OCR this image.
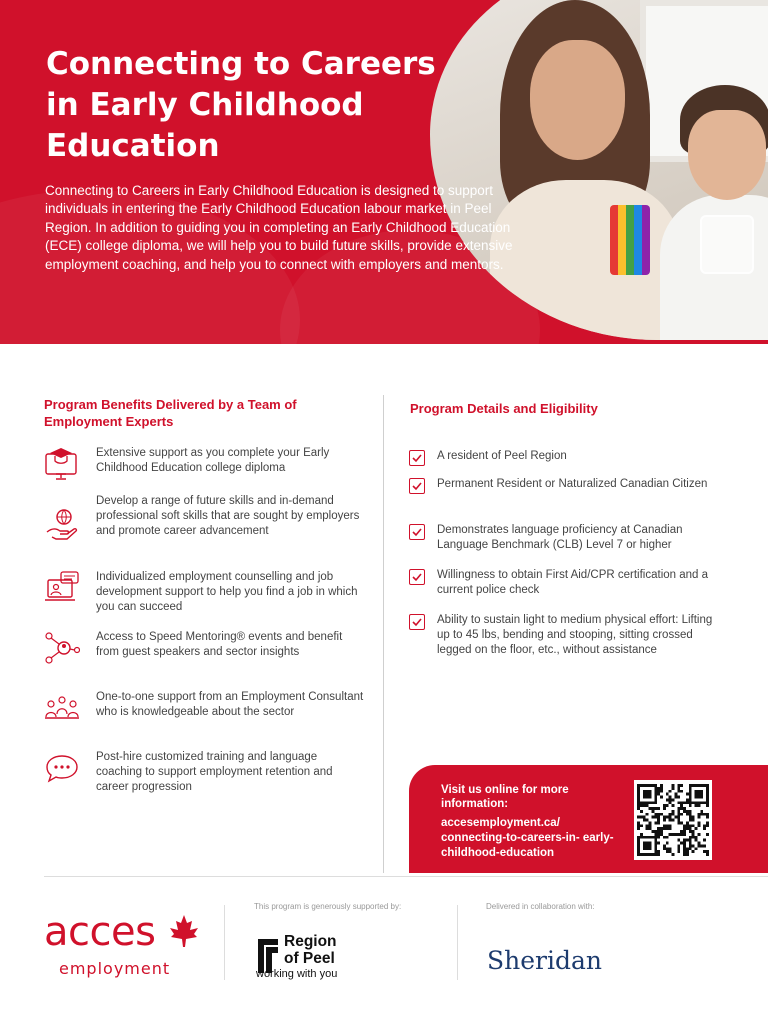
Connecting to Careers in Early Childhood Education

Connecting to Careers in Early Childhood Education is designed to support individuals in entering the Early Childhood Education labour market in Peel Region. In addition to guiding you in completing an Early Childhood Education (ECE) college diploma, we will help you to build future skills, provide extensive employment coaching, and help you to connect with employers and mentors.

Program Benefits Delivered by a Team of Employment Experts
Extensive support as you complete your Early Childhood Education college diploma
Develop a range of future skills and in-demand professional soft skills that are sought by employers and promote career advancement
Individualized employment counselling and job development support to help you find a job in which you can succeed
Access to Speed Mentoring® events and benefit from guest speakers and sector insights
One-to-one support from an Employment Consultant who is knowledgeable about the sector
Post-hire customized training and language coaching to support employment retention and career progression
Program Details and Eligibility
A resident of Peel Region
Permanent Resident or Naturalized Canadian Citizen
Demonstrates language proficiency at Canadian Language Benchmark (CLB) Level 7 or higher
Willingness to obtain First Aid/CPR certification and a current police check
Ability to sustain light to medium physical effort: Lifting up to 45 lbs, bending and stooping, sitting crossed legged on the floor, etc., without assistance
Visit us online for more information:
accesemployment.ca/ connecting-to-careers-in- early-childhood-education
acces
employment

This program is generously supported by:

Region
of Peel
working with you

Delivered in collaboration with:

Sheridan
